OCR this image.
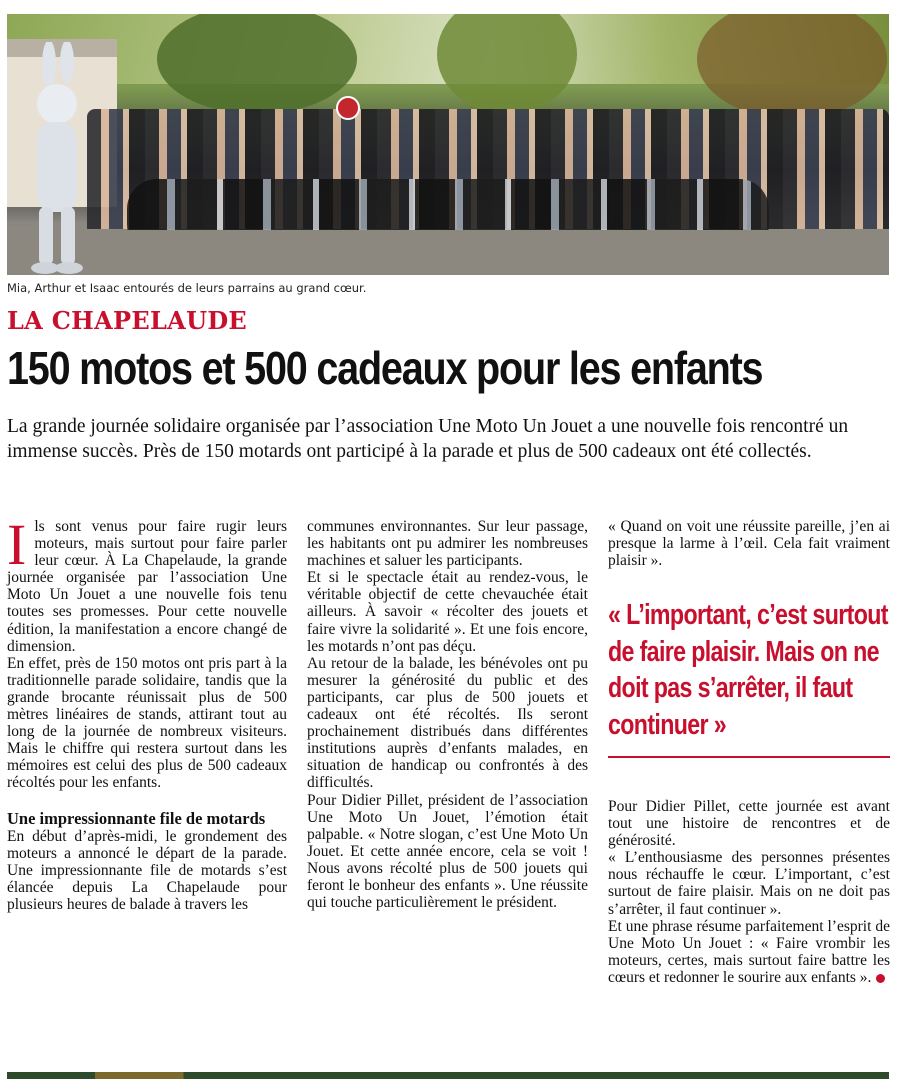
Mia, Arthur et Isaac entourés de leurs parrains au grand cœur.
LA CHAPELAUDE
150 motos et 500 cadeaux pour les enfants
La grande journée solidaire organisée par l’association Une Moto Un Jouet a une nouvelle fois rencontré un immense succès. Près de 150 motards ont participé à la parade et plus de 500 cadeaux ont été collectés.

Ils sont venus pour faire rugir leurs moteurs, mais surtout pour faire parler leur cœur. À La Chapelaude, la grande journée organisée par l’association Une Moto Un Jouet a une nouvelle fois tenu toutes ses promesses. Pour cette nouvelle édition, la manifestation a encore changé de dimension.

En effet, près de 150 motos ont pris part à la traditionnelle parade solidaire, tandis que la grande brocante réunissait plus de 500 mètres linéaires de stands, attirant tout au long de la journée de nombreux visiteurs. Mais le chiffre qui restera surtout dans les mémoires est celui des plus de 500 cadeaux récoltés pour les enfants.

Une impressionnante file de motards

En début d’après-midi, le grondement des moteurs a annoncé le départ de la parade. Une impressionnante file de motards s’est élancée depuis La Chapelaude pour plusieurs heures de balade à travers les

communes environnantes. Sur leur passage, les habitants ont pu admirer les nombreuses machines et saluer les participants.

Et si le spectacle était au rendez-vous, le véritable objectif de cette chevauchée était ailleurs. À savoir « récolter des jouets et faire vivre la solidarité ». Et une fois encore, les motards n’ont pas déçu.

Au retour de la balade, les bénévoles ont pu mesurer la générosité du public et des participants, car plus de 500 jouets et cadeaux ont été récoltés. Ils seront prochainement distribués dans différentes institutions auprès d’enfants malades, en situation de handicap ou confrontés à des difficultés.

Pour Didier Pillet, président de l’association Une Moto Un Jouet, l’émotion était palpable. « Notre slogan, c’est Une Moto Un Jouet. Et cette année encore, cela se voit ! Nous avons récolté plus de 500 jouets qui feront le bonheur des enfants ». Une réussite qui touche particulièrement le président.

« Quand on voit une réussite pareille, j’en ai presque la larme à l’œil. Cela fait vraiment plaisir ».

« L’important, c’est surtout de faire plaisir. Mais on ne doit pas s’arrêter, il faut continuer »

Pour Didier Pillet, cette journée est avant tout une histoire de rencontres et de générosité.

« L’enthousiasme des personnes présentes nous réchauffe le cœur. L’important, c’est surtout de faire plaisir. Mais on ne doit pas s’arrêter, il faut continuer ».

Et une phrase résume parfaitement l’esprit de Une Moto Un Jouet : « Faire vrombir les moteurs, certes, mais surtout faire battre les cœurs et redonner le sourire aux enfants ».
